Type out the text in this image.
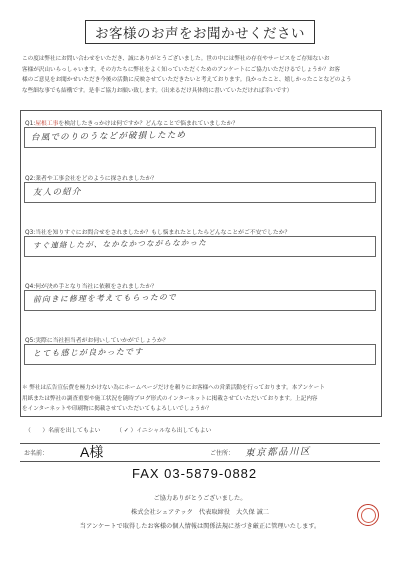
お客様のお声をお聞かせください
この度は弊社にお問い合わせをいただき、誠にありがとうございました。世の中には弊社の存在やサービスをご存知ないお
客様が沢山いらっしゃいます。その方たちに弊社をよく知っていただくためのアンケートにご協力いただけるでしょうか？お客
様のご意見をお聞かせいただき今後の活動に反映させていただきたいと考えております。良かったこと、嬉しかったことなどのよう
な些細な事でも結構です。是非ご協力お願い致します。（出来るだけ具体的に書いていただければ幸いです）
Q1:屋根工事を検討したきっかけは何ですか？どんなことで悩まれていましたか？
台風でのりのうなどが破損したため
Q2:業者や工事会社をどのように探されましたか？
友人の紹介
Q3:当社を知りすぐにお問合せをされましたか？もし悩まれたとしたらどんなことがご不安でしたか？
すぐ連絡したが、なかなかつながらなかった
Q4:何が決め手となり当社に依頼をされましたか？
前向きに修理を考えてもらったので
Q5:実際に当社担当者がお伺いしていかがでしょうか？
とても感じが良かったです
＊ 弊社は広告宣伝費を極力かけない為にホームページだけを頼りにお客様への営業活動を行っております。本アンケート
用紙または弊社の調査重要や施工状況を随時ブログ形式のインターネットに掲載させていただいております。上記内容
をインターネットや印刷物に掲載させていただいてもよろしいでしょうか？
（　　）名前を出してもよい	（ ✓ ）イニシャルなら出してもよい
お名前： A様	ご住所： 東京都品川区
FAX 03-5879-0882
ご協力ありがとうございました。
株式会社シェアテック　代表取締役　大久保 誠二
当アンケートで取得したお客様の個人情報は関係法規に基づき厳正に管理いたします。
